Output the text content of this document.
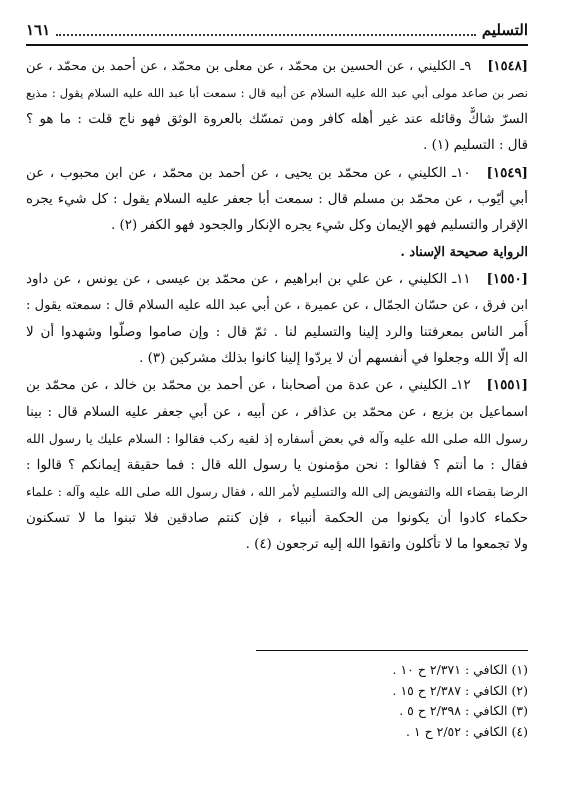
التسليم
١٦١
[١٥٤٨]٩ـ الكليني ، عن الحسين بن محمّد ، عن معلى بن محمّد ، عن أحمد بن محمّد ، عن
نصر بن صاعد مولى أبي عبد الله عليه السلام عن أبيه قال : سمعت أبا عبد الله عليه السلام يقول : مذيع
السرّ شاكٌّ وقائله عند غير أهله كافر ومن تمسّك بالعروة الوثق فهو ناج قلت : ما هو ؟
قال : التسليم (١) .
[١٥٤٩]١٠ـ الكليني ، عن محمّد بن يحيى ، عن أحمد بن محمّد ، عن ابن محبوب ، عن
أبي أيّوب ، عن محمّد بن مسلم قال : سمعت أبا جعفر عليه السلام يقول : كل شيء يجره
الإقرار والتسليم فهو الإيمان وكل شيء يجره الإنكار والجحود فهو الكفر (٢) .
الرواية صحيحة الإسناد .
[١٥٥٠]١١ـ الكليني ، عن علي بن ابراهيم ، عن محمّد بن عيسى ، عن يونس ، عن داود
ابن فرق ، عن حسّان الجمّال ، عن عميرة ، عن أبي عبد الله عليه السلام قال : سمعته يقول :
أُمر الناس بمعرفتنا والرد إلينا والتسليم لنا . ثمّ قال : وإن صاموا وصلّوا وشهدوا أن لا
اله إلّا الله وجعلوا في أنفسهم أن لا يردّوا إلينا كانوا بذلك مشركين (٣) .
[١٥٥١]١٢ـ الكليني ، عن عدة من أصحابنا ، عن أحمد بن محمّد بن خالد ، عن محمّد بن
اسماعيل بن بزيع ، عن محمّد بن عذافر ، عن أبيه ، عن أبي جعفر عليه السلام قال : بينا
رسول الله صلى الله عليه وآله في بعض أسفاره إذ لقيه ركب فقالوا : السلام عليك يا رسول الله
فقال : ما أنتم ؟ فقالوا : نحن مؤمنون يا رسول الله قال : فما حقيقة إيمانكم ؟ قالوا :
الرضا بقضاء الله والتفويض إلى الله والتسليم لأمر الله ، فقال رسول الله صلى الله عليه وآله : علماء
حكماء كادوا أن يكونوا من الحكمة أنبياء ، فإن كنتم صادقين فلا تبنوا ما لا تسكنون
ولا تجمعوا ما لا تأكلون واتقوا الله إليه ترجعون (٤) .
(١) الكافي : ٢/٣٧١ ح ١٠ .
(٢) الكافي : ٢/٣٨٧ ح ١٥ .
(٣) الكافي : ٢/٣٩٨ ح ٥ .
(٤) الكافي : ٢/٥٢ ح ١ .
